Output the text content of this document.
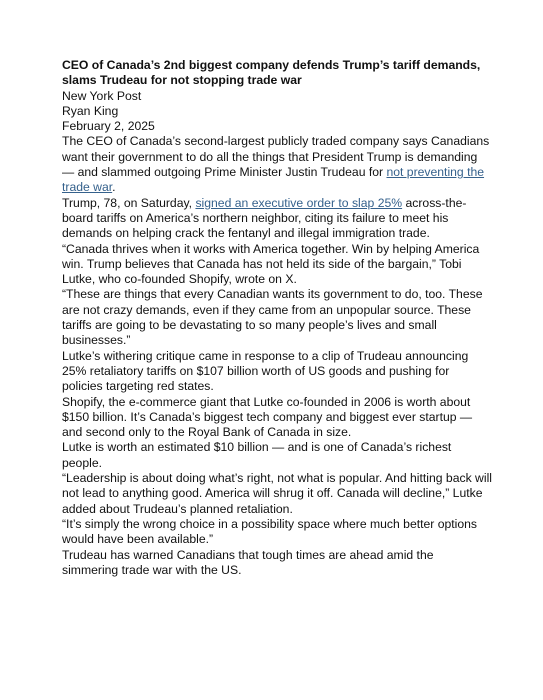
CEO of Canada’s 2nd biggest company defends Trump’s tariff demands, slams Trudeau for not stopping trade war
New York Post
Ryan King
February 2, 2025

The CEO of Canada’s second-largest publicly traded company says Canadians want their government to do all the things that President Trump is demanding — and slammed outgoing Prime Minister Justin Trudeau for not preventing the trade war.

Trump, 78, on Saturday, signed an executive order to slap 25% across-the-board tariffs on America’s northern neighbor, citing its failure to meet his demands on helping crack the fentanyl and illegal immigration trade.

“Canada thrives when it works with America together. Win by helping America win. Trump believes that Canada has not held its side of the bargain,” Tobi Lutke, who co-founded Shopify, wrote on X.

“These are things that every Canadian wants its government to do, too. These are not crazy demands, even if they came from an unpopular source. These tariffs are going to be devastating to so many people’s lives and small businesses.”

Lutke’s withering critique came in response to a clip of Trudeau announcing 25% retaliatory tariffs on $107 billion worth of US goods and pushing for policies targeting red states.

Shopify, the e-commerce giant that Lutke co-founded in 2006 is worth about $150 billion. It’s Canada’s biggest tech company and biggest ever startup — and second only to the Royal Bank of Canada in size.

Lutke is worth an estimated $10 billion — and is one of Canada’s richest people.

“Leadership is about doing what’s right, not what is popular. And hitting back will not lead to anything good. America will shrug it off. Canada will decline,” Lutke added about Trudeau’s planned retaliation.

“It’s simply the wrong choice in a possibility space where much better options would have been available.”

Trudeau has warned Canadians that tough times are ahead amid the simmering trade war with the US.
